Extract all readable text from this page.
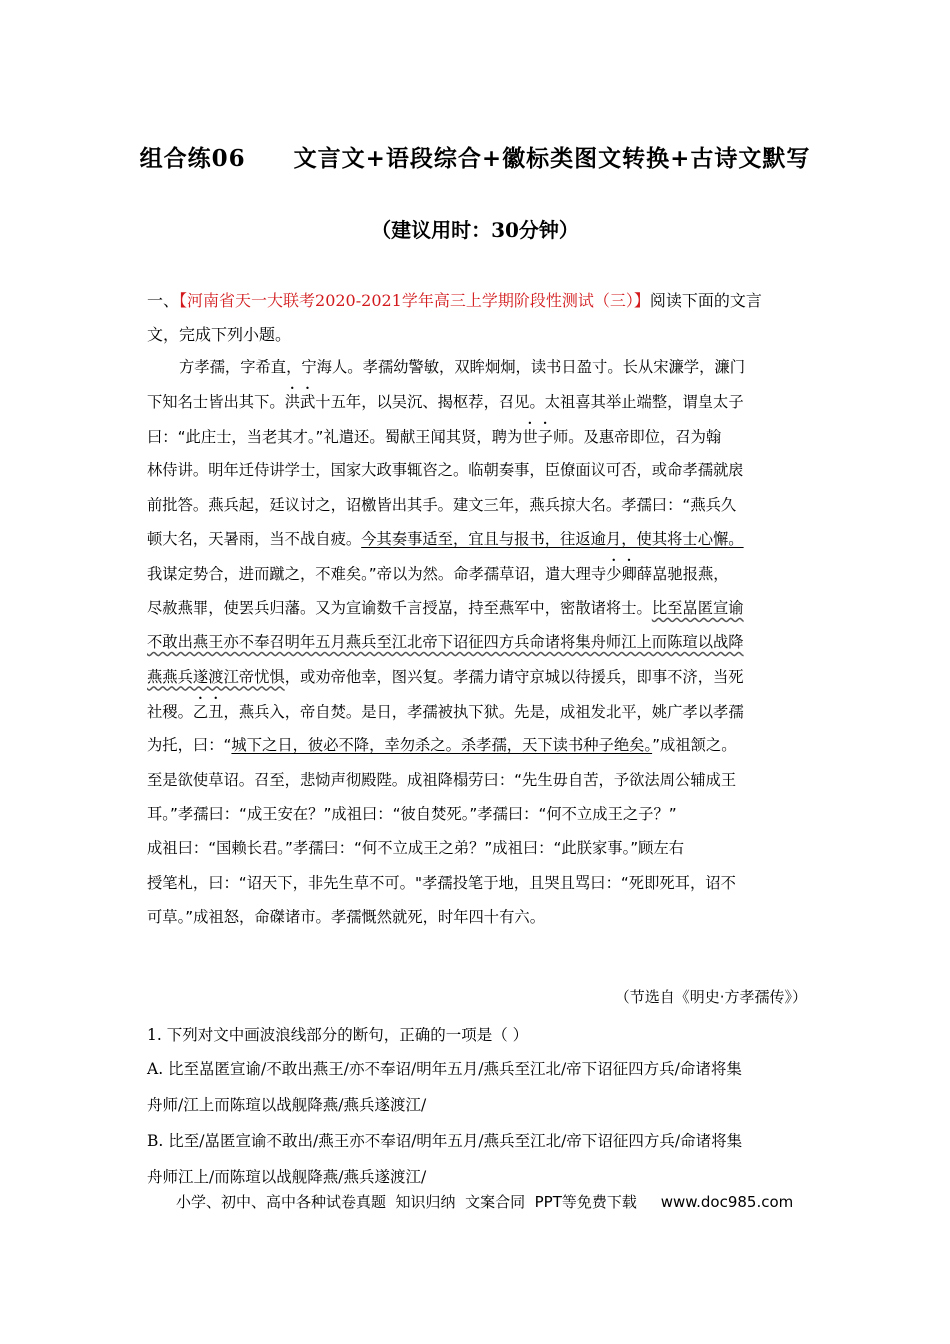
组合练06　　文言文+语段综合+徽标类图文转换+古诗文默写
（建议用时：30分钟）
一、【河南省天一大联考2020-2021学年高三上学期阶段性测试（三）】阅读下面的文言
文，完成下列小题。
方孝孺，字希直，宁海人。孝孺幼警敏，双眸炯炯，读书日盈寸。长从宋濂学，濂门
下知名士皆出其下。洪武十五年，以吴沉、揭枢荐，召见。太祖喜其举止端整，谓皇太子
曰：“此庄士，当老其才。”礼遣还。蜀献王闻其贤，聘为世子师。及惠帝即位，召为翰
林侍讲。明年迁侍讲学士，国家大政事辄咨之。临朝奏事，臣僚面议可否，或命孝孺就扆
前批答。燕兵起，廷议讨之，诏檄皆出其手。建文三年，燕兵掠大名。孝孺曰：“燕兵久
顿大名，天暑雨，当不战自疲。今其奏事适至，宜且与报书，往返逾月，使其将士心懈。
我谋定势合，进而蹴之，不难矣。”帝以为然。命孝孺草诏，遣大理寺少卿薛嵓驰报燕，
尽赦燕罪，使罢兵归藩。又为宣谕数千言授嵓，持至燕军中，密散诸将士。比至嵓匿宣谕
不敢出燕王亦不奉召明年五月燕兵至江北帝下诏征四方兵命诸将集舟师江上而陈瑄以战降
燕燕兵遂渡江帝忧惧，或劝帝他幸，图兴复。孝孺力请守京城以待援兵，即事不济，当死
社稷。乙丑，燕兵入，帝自焚。是日，孝孺被执下狱。先是，成祖发北平，姚广孝以孝孺
为托，曰：“城下之日，彼必不降，幸勿杀之。杀孝孺，天下读书种子绝矣。”成祖颔之。
至是欲使草诏。召至，悲恸声彻殿陛。成祖降榻劳曰：“先生毋自苦，予欲法周公辅成王
耳。”孝孺曰：“成王安在？”成祖曰：“彼自焚死。”孝孺曰：“何不立成王之子？”
成祖曰：“国赖长君。”孝孺曰：“何不立成王之弟？”成祖曰：“此朕家事。”顾左右
授笔札，曰：“诏天下，非先生草不可。"孝孺投笔于地，且哭且骂曰：“死即死耳，诏不
可草。”成祖怒，命磔诸市。孝孺慨然就死，时年四十有六。
（节选自《明史·方孝孺传》）
1. 下列对文中画波浪线部分的断句，正确的一项是（ ）
A. 比至嵓匿宣谕/不敢出燕王/亦不奉诏/明年五月/燕兵至江北/帝下诏征四方兵/命诸将集
舟师/江上而陈瑄以战舰降燕/燕兵遂渡江/
B. 比至/嵓匿宣谕不敢出/燕王亦不奉诏/明年五月/燕兵至江北/帝下诏征四方兵/命诸将集
舟师江上/而陈瑄以战舰降燕/燕兵遂渡江/
小学、初中、高中各种试卷真题  知识归纳  文案合同  PPT等免费下载     www.doc985.com
